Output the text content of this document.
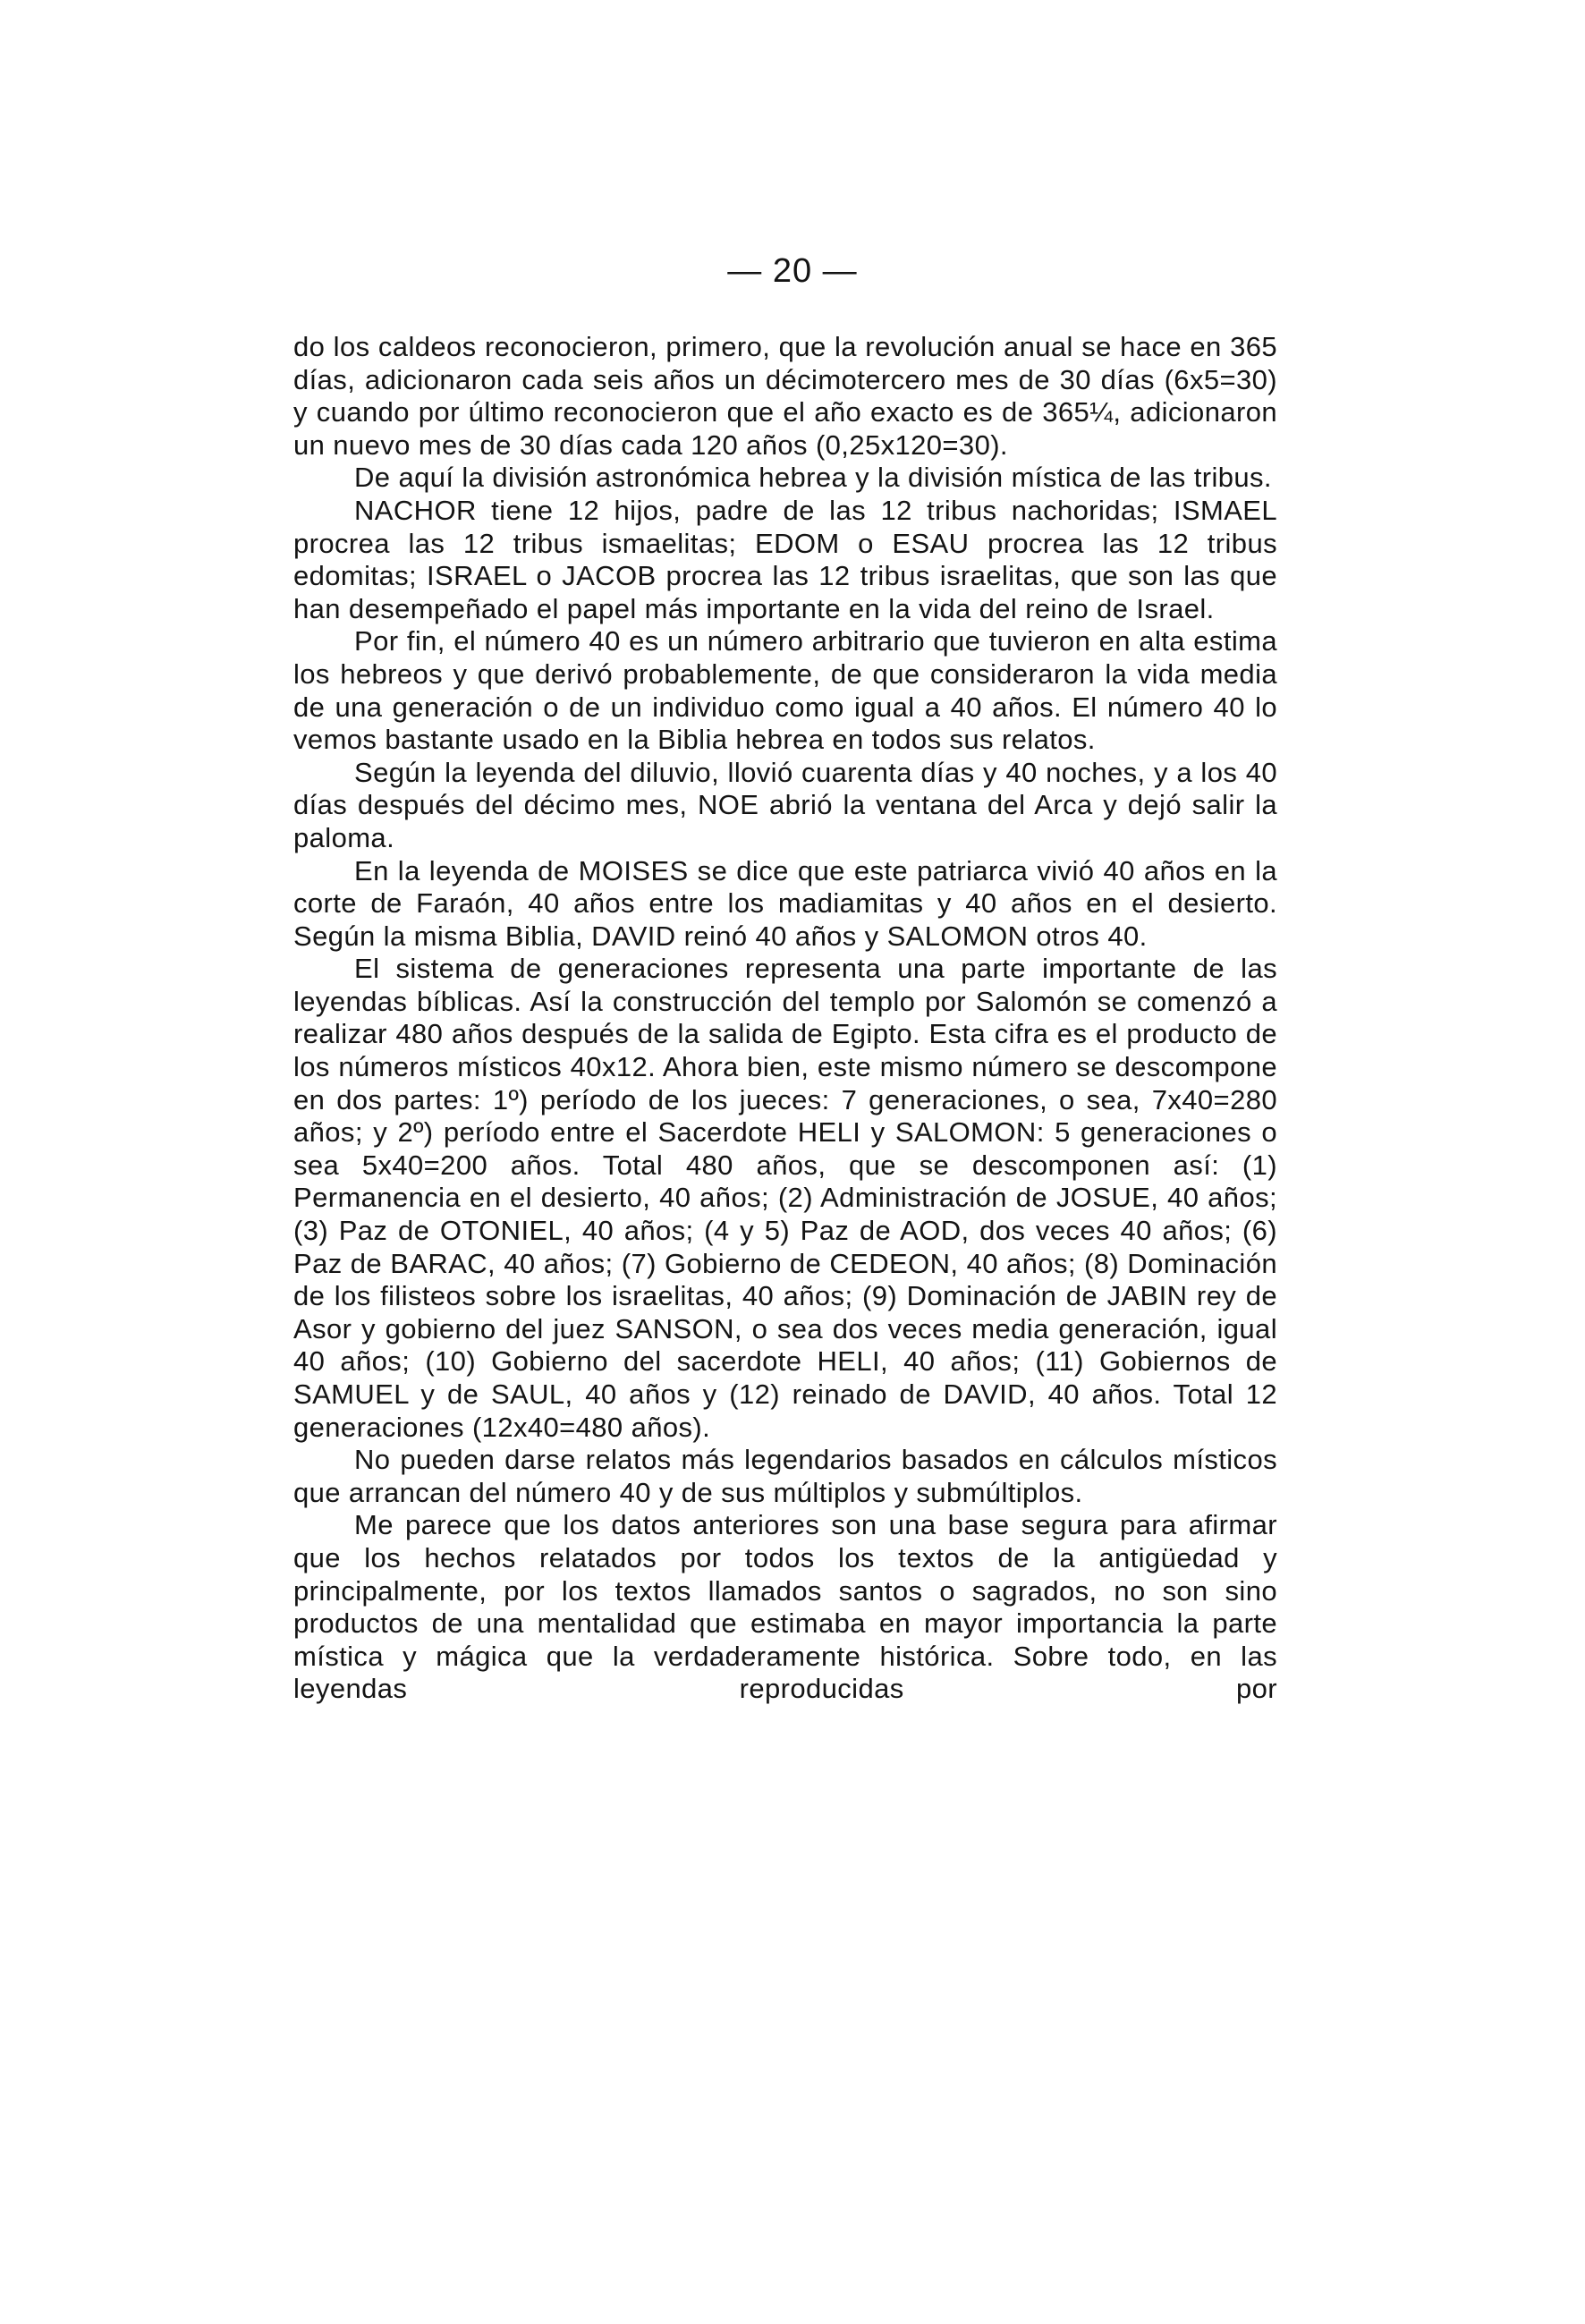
— 20 —

do los caldeos reconocieron, primero, que la revolución anual se hace en 365 días, adicionaron cada seis años un décimotercero mes de 30 días (6x5=30) y cuando por último reconocieron que el año exacto es de 365¼, adicionaron un nuevo mes de 30 días cada 120 años (0,25x120=30).

De aquí la división astronómica hebrea y la división mística de las tribus.

NACHOR tiene 12 hijos, padre de las 12 tribus nachoridas; ISMAEL procrea las 12 tribus ismaelitas; EDOM o ESAU procrea las 12 tribus edomitas; ISRAEL o JACOB procrea las 12 tribus israelitas, que son las que han desempeñado el papel más importante en la vida del reino de Israel.

Por fin, el número 40 es un número arbitrario que tuvieron en alta estima los hebreos y que derivó probablemente, de que consideraron la vida media de una generación o de un individuo como igual a 40 años. El número 40 lo vemos bastante usado en la Biblia hebrea en todos sus relatos.

Según la leyenda del diluvio, llovió cuarenta días y 40 noches, y a los 40 días después del décimo mes, NOE abrió la ventana del Arca y dejó salir la paloma.

En la leyenda de MOISES se dice que este patriarca vivió 40 años en la corte de Faraón, 40 años entre los madiamitas y 40 años en el desierto. Según la misma Biblia, DAVID reinó 40 años y SALOMON otros 40.

El sistema de generaciones representa una parte importante de las leyendas bíblicas. Así la construcción del templo por Salomón se comenzó a realizar 480 años después de la salida de Egipto. Esta cifra es el producto de los números místicos 40x12. Ahora bien, este mismo número se descompone en dos partes: 1º) período de los jueces: 7 generaciones, o sea, 7x40=280 años; y 2º) período entre el Sacerdote HELI y SALOMON: 5 generaciones o sea 5x40=200 años. Total 480 años, que se descomponen así: (1) Permanencia en el desierto, 40 años; (2) Administración de JOSUE, 40 años; (3) Paz de OTONIEL, 40 años; (4 y 5) Paz de AOD, dos veces 40 años; (6) Paz de BARAC, 40 años; (7) Gobierno de CEDEON, 40 años; (8) Dominación de los filisteos sobre los israelitas, 40 años; (9) Dominación de JABIN rey de Asor y gobierno del juez SANSON, o sea dos veces media generación, igual 40 años; (10) Gobierno del sacerdote HELI, 40 años; (11) Gobiernos de SAMUEL y de SAUL, 40 años y (12) reinado de DAVID, 40 años. Total 12 generaciones (12x40=480 años).

No pueden darse relatos más legendarios basados en cálculos místicos que arrancan del número 40 y de sus múltiplos y submúltiplos.

Me parece que los datos anteriores son una base segura para afirmar que los hechos relatados por todos los textos de la antigüedad y principalmente, por los textos llamados santos o sagrados, no son sino productos de una mentalidad que estimaba en mayor importancia la parte mística y mágica que la verdaderamente histórica. Sobre todo, en las leyendas reproducidas por
